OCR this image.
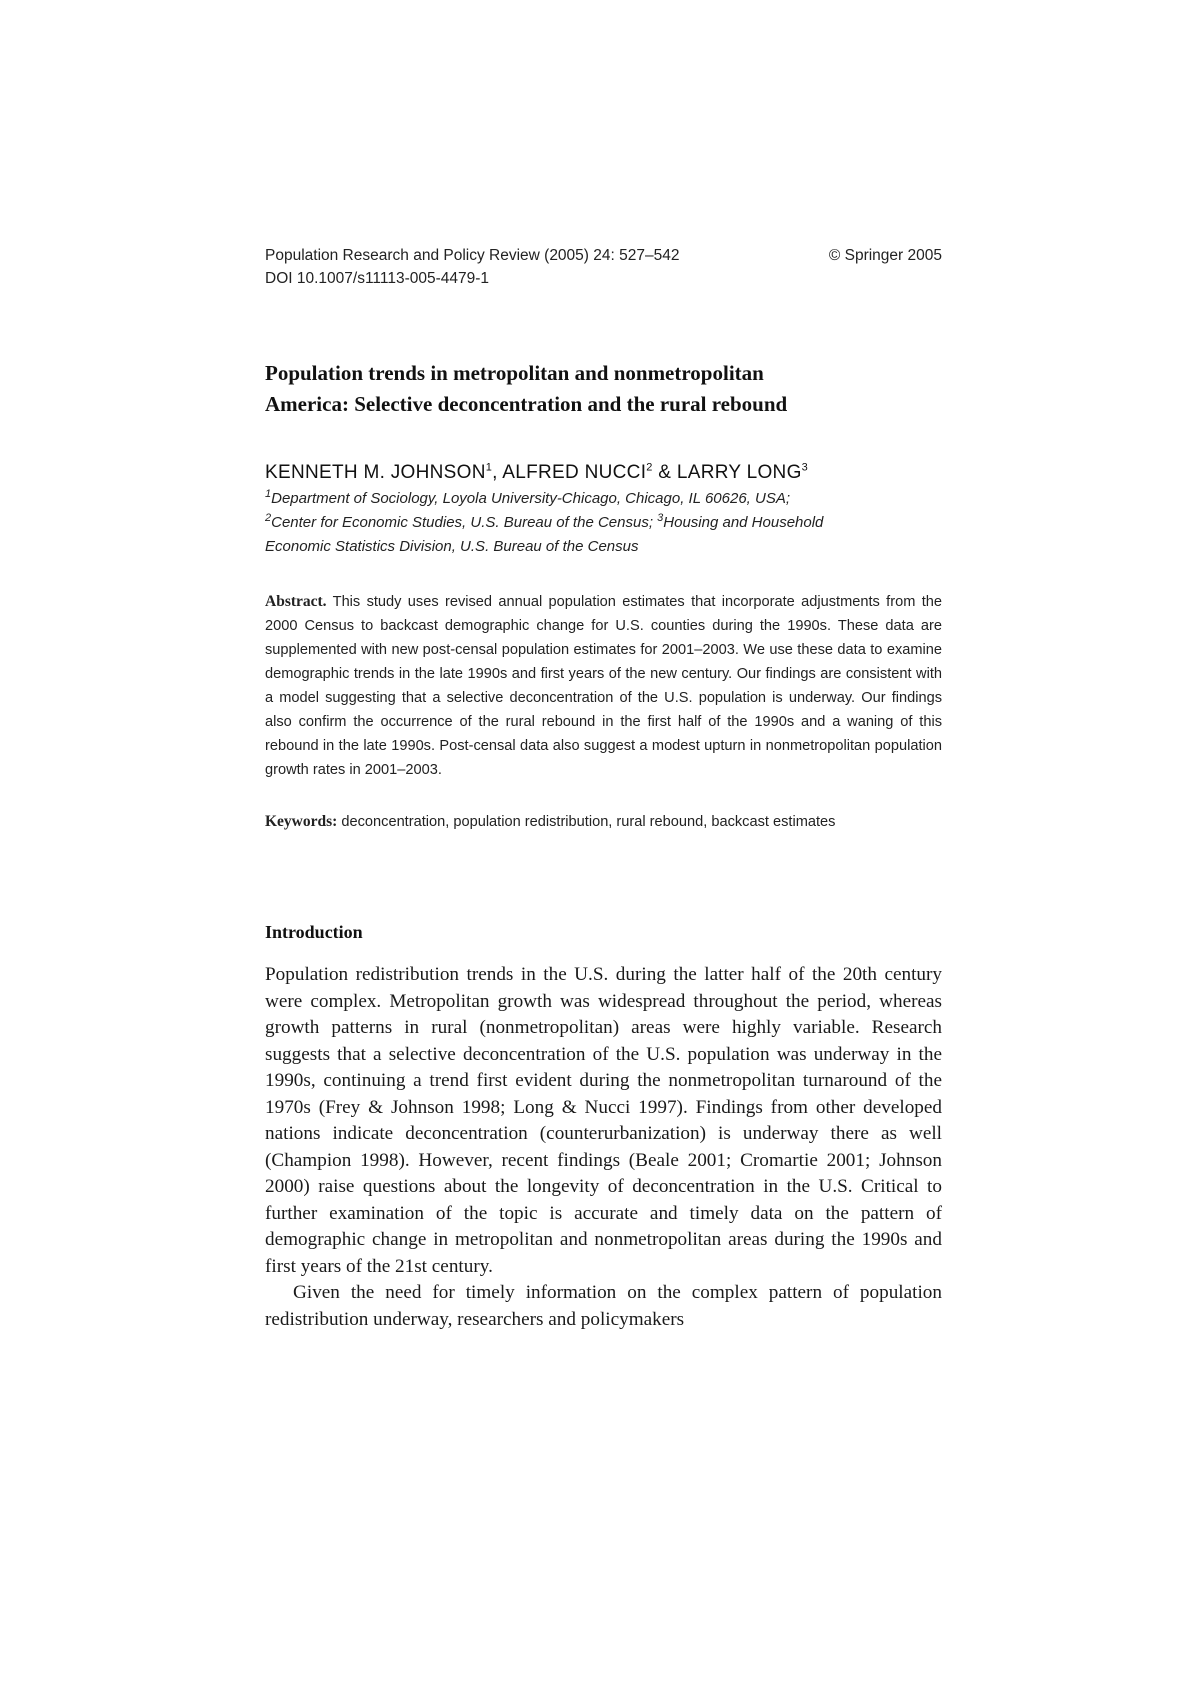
Population Research and Policy Review (2005) 24: 527–542	© Springer 2005
DOI 10.1007/s11113-005-4479-1
Population trends in metropolitan and nonmetropolitan
America: Selective deconcentration and the rural rebound
KENNETH M. JOHNSON$^1$, ALFRED NUCCI$^2$ & LARRY LONG$^3$
$^1$Department of Sociology, Loyola University-Chicago, Chicago, IL 60626, USA;
$^2$Center for Economic Studies, U.S. Bureau of the Census; $^3$Housing and Household
Economic Statistics Division, U.S. Bureau of the Census
Abstract. This study uses revised annual population estimates that incorporate adjustments from the 2000 Census to backcast demographic change for U.S. counties during the 1990s. These data are supplemented with new post-censal population estimates for 2001–2003. We use these data to examine demographic trends in the late 1990s and first years of the new century. Our findings are consistent with a model suggesting that a selective deconcentration of the U.S. population is underway. Our findings also confirm the occurrence of the rural rebound in the first half of the 1990s and a waning of this rebound in the late 1990s. Post-censal data also suggest a modest upturn in nonmetropolitan population growth rates in 2001–2003.
Keywords: deconcentration, population redistribution, rural rebound, backcast estimates
Introduction

Population redistribution trends in the U.S. during the latter half of the 20th century were complex. Metropolitan growth was widespread throughout the period, whereas growth patterns in rural (nonmetropolitan) areas were highly variable. Research suggests that a selective deconcentration of the U.S. population was underway in the 1990s, continuing a trend first evident during the nonmetropolitan turnaround of the 1970s (Frey & Johnson 1998; Long & Nucci 1997). Findings from other developed nations indicate deconcentration (counterurbanization) is underway there as well (Champion 1998). However, recent findings (Beale 2001; Cromartie 2001; Johnson 2000) raise questions about the longevity of deconcentration in the U.S. Critical to further examination of the topic is accurate and timely data on the pattern of demographic change in metropolitan and nonmetropolitan areas during the 1990s and first years of the 21st century.

Given the need for timely information on the complex pattern of population redistribution underway, researchers and policymakers
